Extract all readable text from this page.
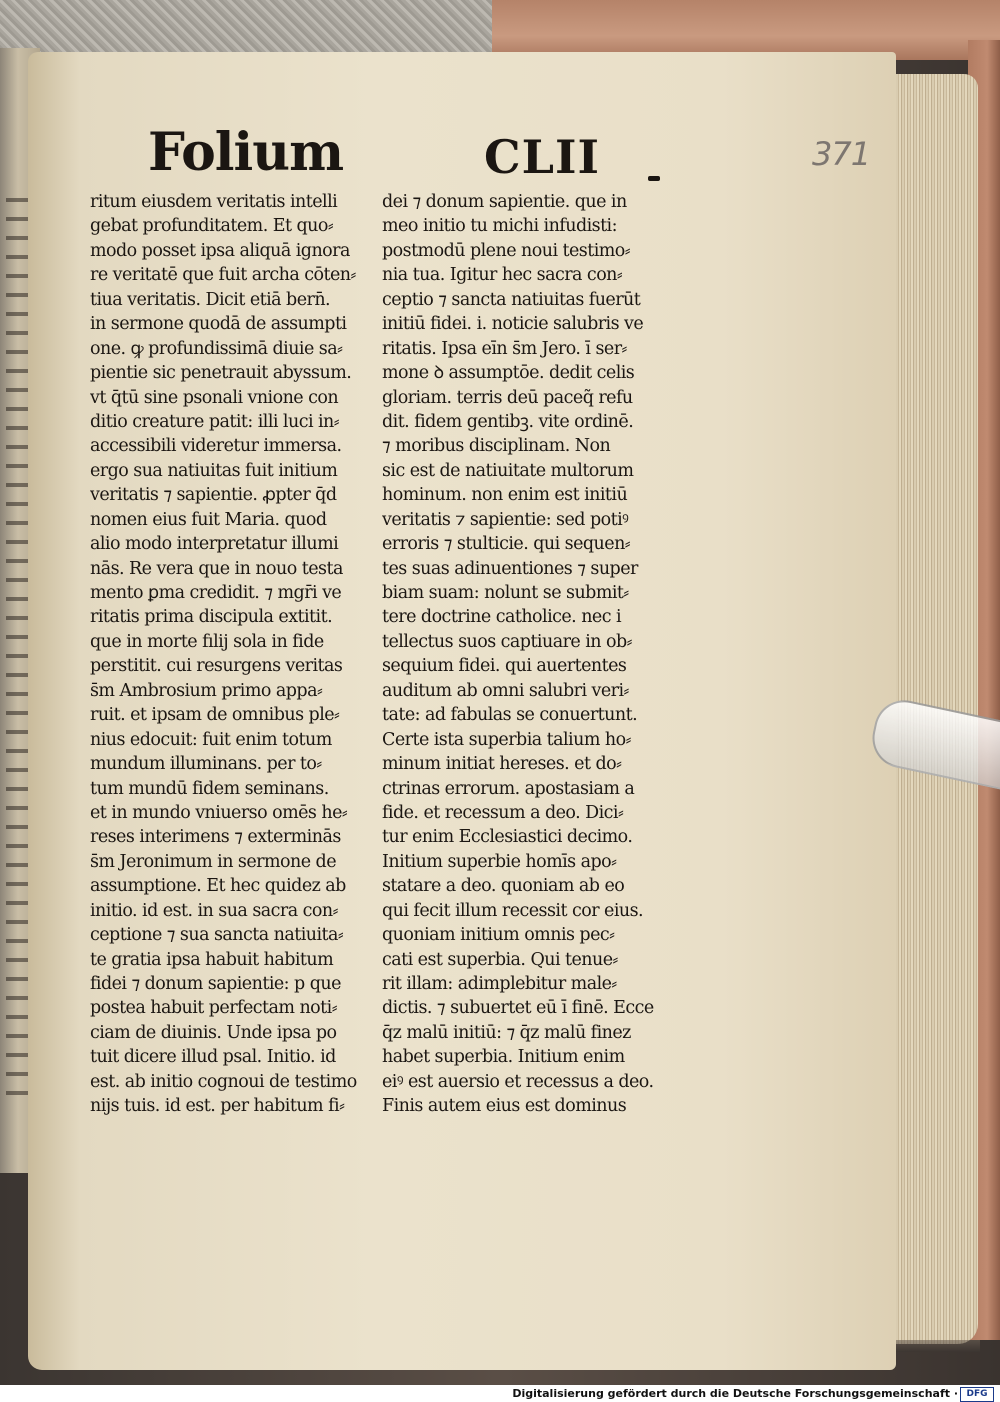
Folium	CLII	371
ritum eiusdem veritatis intelli
gebat profunditatem. Et quo⸗
modo posset ipsa aliquā ignora
re veritatē que fuit archa cōten⸗
tiua veritatis. Dicit etiā bern̄.
in sermone quodā de assumpti
one. ꝙ profundissimā diuie sa⸗
pientie sic penetrauit abyssum.
vt q̄tū sine psonali vnione con
ditio creature patit: illi luci in⸗
accessibili videretur immersa.
ergo sua natiuitas fuit initium
veritatis ⁊ sapientie. ꝓpter q̄d
nomen eius fuit Maria. quod
alio modo interpretatur illumi
nās. Re vera que in nouo testa
mento ꝑma credidit. ⁊ mgr̄i ve
ritatis prima discipula extitit.
que in morte fılij sola in fide
perstitit. cui resurgens veritas
s̄m Ambrosium primo appa⸗
ruit. et ipsam de omnibus ple⸗
nius edocuit: fuit enim totum
mundum illuminans. per to⸗
tum mundū fidem seminans.
et in mundo vniuerso omēs he⸗
reses interimens ⁊ exterminās
s̄m Jeronimum in sermone de
assumptione. Et hec quidez ab
initio. id est. in sua sacra con⸗
ceptione ⁊ sua sancta natiuita⸗
te gratia ipsa habuit habitum
fidei ⁊ donum sapientie: p que
postea habuit perfectam noti⸗
ciam de diuinis. Unde ipsa po
tuit dicere illud psal. Initio. id
est. ab initio cognoui de testimo
nijs tuis. id est. per habitum fi⸗
dei ⁊ donum sapientie. que in
meo initio tu michi infudisti:
postmodū plene noui testimo⸗
nia tua. Igitur hec sacra con⸗
ceptio ⁊ sancta natiuitas fuerūt
initiū fidei. i. noticie salubris ve
ritatis. Ipsa eīn s̄m Jero. ī ser⸗
mone ꝺ assumptōe. dedit celis
gloriam. terris deū paceq̃ refu
dit. fidem gentibꝫ. vite ordinē.
⁊ moribus disciplinam. Non
sic est de natiuitate multorum
hominum. non enim est initiū
veritatis ⁊ sapientie: sed potiꝰ
erroris ⁊ stulticie. qui sequen⸗
tes suas adinuentiones ⁊ super
biam suam: nolunt se submit⸗
tere doctrine catholice. nec i
tellectus suos captiuare in ob⸗
sequium fidei. qui auertentes
auditum ab omni salubri veri⸗
tate: ad fabulas se conuertunt.
Certe ista superbia talium ho⸗
minum initiat hereses. et do⸗
ctrinas errorum. apostasiam a
fide. et recessum a deo. Dici⸗
tur enim Ecclesiastici decimo.
Initium superbie homīs apo⸗
statare a deo. quoniam ab eo
qui fecit illum recessit cor eius.
quoniam initium omnis pec⸗
cati est superbia. Qui tenue⸗
rit illam: adimplebitur male⸗
dictis. ⁊ subuertet eū ī finē. Ecce
q̄z malū initiū: ⁊ q̄z malū finez
habet superbia. Initium enim
eiꝰ est auersio et recessus a deo.
Finis autem eius est dominus
Digitalisierung gefördert durch die Deutsche Forschungsgemeinschaft · DFG
